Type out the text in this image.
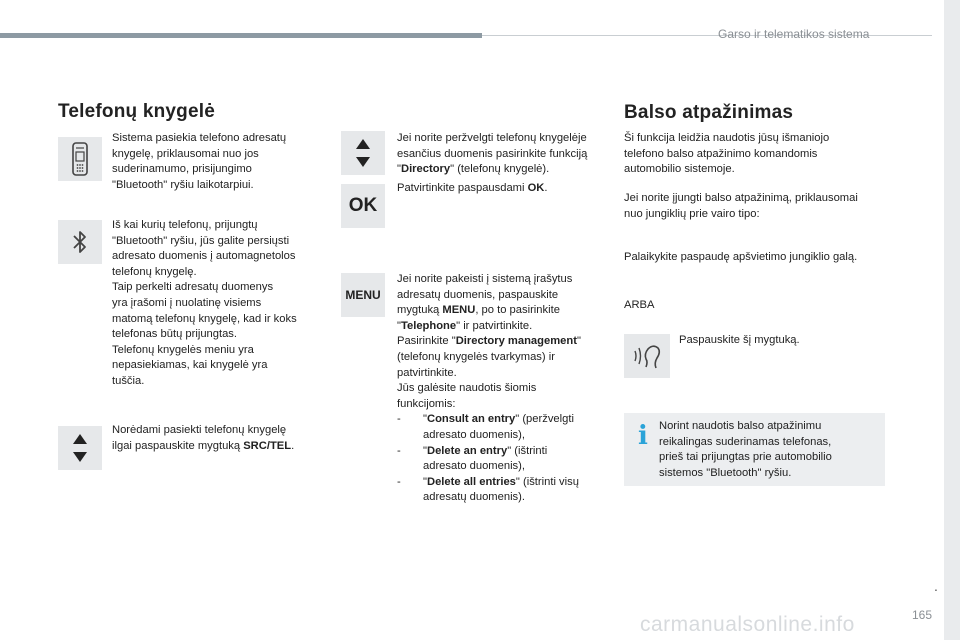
Garso ir telematikos sistema
Telefonų knygelė
Sistema pasiekia telefono adresatų
knygelę, priklausomai nuo jos
suderinamumo, prisijungimo
"Bluetooth" ryšiu laikotarpiui.
Iš kai kurių telefonų, prijungtų
"Bluetooth" ryšiu, jūs galite persiųsti
adresato duomenis į automagnetolos
telefonų knygelę.
Taip perkelti adresatų duomenys
yra įrašomi į nuolatinę visiems
matomą telefonų knygelę, kad ir koks
telefonas būtų prijungtas.
Telefonų knygelės meniu yra
nepasiekiamas, kai knygelė yra
tuščia.
Norėdami pasiekti telefonų knygelę
ilgai paspauskite mygtuką SRC/TEL.
OK
MENU
Jei norite peržvelgti telefonų knygelėje
esančius duomenis pasirinkite funkciją
"Directory" (telefonų knygelė).
Patvirtinkite paspausdami OK.
Jei norite pakeisti į sistemą įrašytus
adresatų duomenis, paspauskite
mygtuką MENU, po to pasirinkite
"Telephone" ir patvirtinkite.
Pasirinkite "Directory management"
(telefonų knygelės tvarkymas) ir
patvirtinkite.
Jūs galėsite naudotis šiomis
funkcijomis:
-	"Consult an entry" (peržvelgti
adresato duomenis),
-	"Delete an entry" (ištrinti
adresato duomenis),
-	"Delete all entries" (ištrinti visų
adresatų duomenis).
Balso atpažinimas
Ši funkcija leidžia naudotis jūsų išmaniojo
telefono balso atpažinimo komandomis
automobilio sistemoje.
Jei norite įjungti balso atpažinimą, priklausomai
nuo jungiklių prie vairo tipo:
Palaikykite paspaudę apšvietimo jungiklio galą.
ARBA
Paspauskite šį mygtuką.
i Norint naudotis balso atpažinimu
reikalingas suderinamas telefonas,
prieš tai prijungtas prie automobilio
sistemos "Bluetooth" ryšiu.
.
carmanualsonline.info	165
